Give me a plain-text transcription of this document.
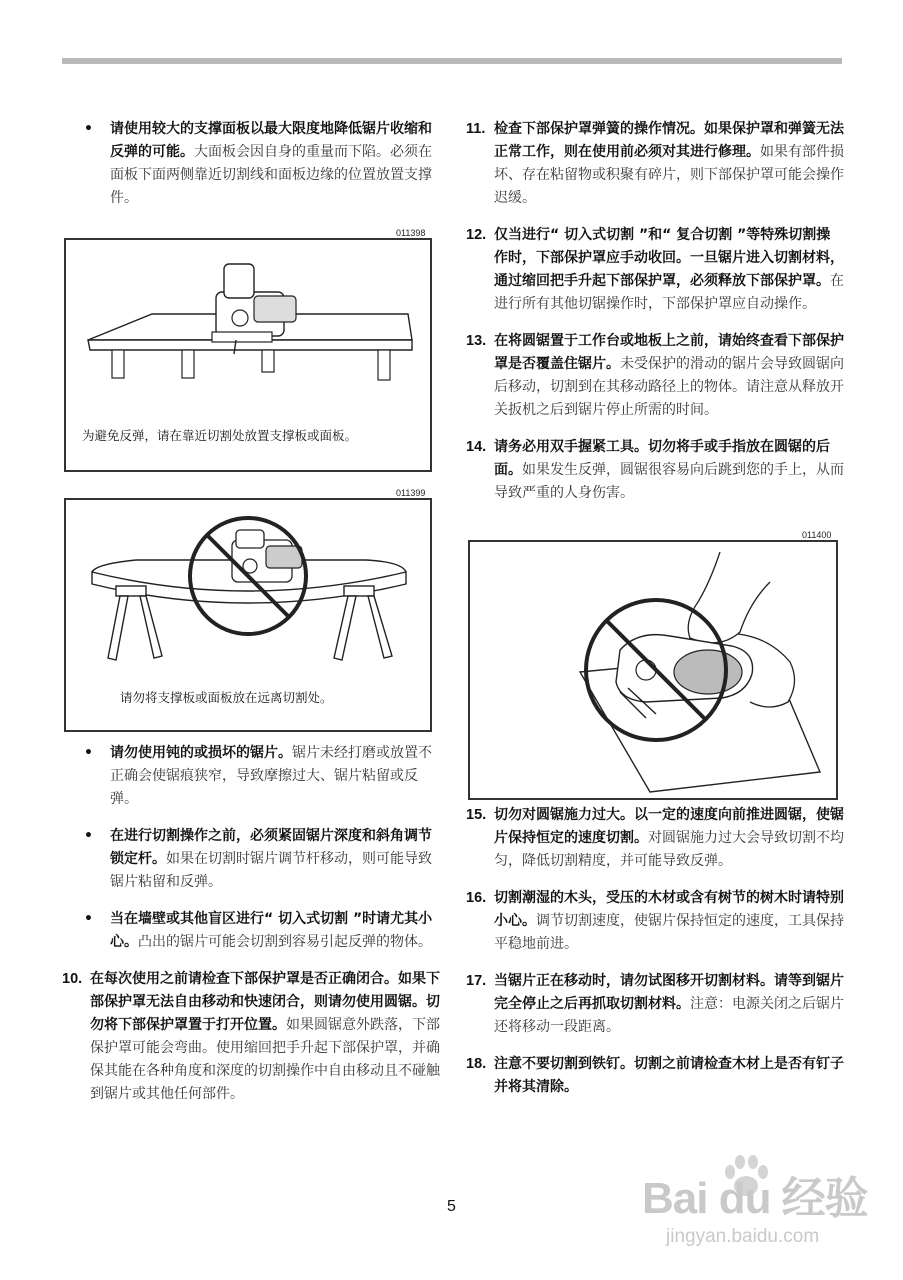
• 请使用较大的支撑面板以最大限度地降低锯片收缩和反弹的可能。大面板会因自身的重量而下陷。必须在面板下面两侧靠近切割线和面板边缘的位置放置支撑件。
011398
为避免反弹，请在靠近切割处放置支撑板或面板。
011399
请勿将支撑板或面板放在远离切割处。
• 请勿使用钝的或损坏的锯片。锯片未经打磨或放置不正确会使锯痕狭窄，导致摩擦过大、锯片粘留或反弹。
• 在进行切割操作之前，必须紧固锯片深度和斜角调节锁定杆。如果在切割时锯片调节杆移动，则可能导致锯片粘留和反弹。
• 当在墙壁或其他盲区进行“ 切入式切割 ”时请尤其小心。凸出的锯片可能会切割到容易引起反弹的物体。
10. 在每次使用之前请检查下部保护罩是否正确闭合。如果下部保护罩无法自由移动和快速闭合，则请勿使用圆锯。切勿将下部保护罩置于打开位置。如果圆锯意外跌落，下部保护罩可能会弯曲。使用缩回把手升起下部保护罩，并确保其能在各种角度和深度的切割操作中自由移动且不碰触到锯片或其他任何部件。
11. 检查下部保护罩弹簧的操作情况。如果保护罩和弹簧无法正常工作，则在使用前必须对其进行修理。如果有部件损坏、存在粘留物或积聚有碎片，则下部保护罩可能会操作迟缓。
12. 仅当进行“ 切入式切割 ”和“ 复合切割 ”等特殊切割操作时，下部保护罩应手动收回。一旦锯片进入切割材料，通过缩回把手升起下部保护罩，必须释放下部保护罩。在进行所有其他切锯操作时，下部保护罩应自动操作。
13. 在将圆锯置于工作台或地板上之前，请始终查看下部保护罩是否覆盖住锯片。未受保护的滑动的锯片会导致圆锯向后移动，切割到在其移动路径上的物体。请注意从释放开关扳机之后到锯片停止所需的时间。
14. 请务必用双手握紧工具。切勿将手或手指放在圆锯的后面。如果发生反弹，圆锯很容易向后跳到您的手上，从而导致严重的人身伤害。
011400
15. 切勿对圆锯施力过大。以一定的速度向前推进圆锯，使锯片保持恒定的速度切割。对圆锯施力过大会导致切割不均匀，降低切割精度，并可能导致反弹。
16. 切割潮湿的木头，受压的木材或含有树节的树木时请特别小心。调节切割速度，使锯片保持恒定的速度，工具保持平稳地前进。
17. 当锯片正在移动时，请勿试图移开切割材料。请等到锯片完全停止之后再抓取切割材料。注意：电源关闭之后锯片还将移动一段距离。
18. 注意不要切割到铁钉。切割之前请检查木材上是否有钉子并将其清除。
5	Bai du 经验
jingyan.baidu.com
